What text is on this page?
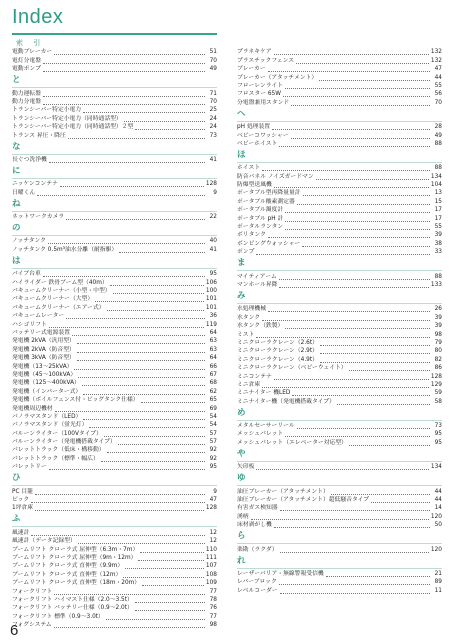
Index
索 引
電動ブレーカー	51
電灯分電盤	70
電動ポンプ	49
と
動力運転盤	71
動力分電盤	70
トランシーバー特定小電力	25
トランシーバー特定小電力（同時通話型）	24
トランシーバー特定小電力（同時通話型）２型	24
トランス 昇圧・降圧	73
な
長ぐつ洗浄機	41
に
ニッケンコンテナ	128
日曜くん	9
ね
ネットワークカメラ	22
の
ノッチタンク	40
ノッチタンク 0.5m³油水分離（耐指駆）	41
は
バイブ台車	95
ハイライダー 鉄骨ブーム型（40m）	106
バキュームクリーナー（小型・中型）	100
バキュームクリーナー（大型）	101
バキュームクリーナー（エアー式）	101
バキュームレーター	36
ハシゴリフト	119
バッテリー式電源装置	64
発電機 2kVA（汎用型）	63
発電機 2kVA（防音型）	63
発電機 3kVA（防音型）	64
発電機（13～25kVA）	66
発電機（45～100kVA）	67
発電機（125～400kVA）	68
発電機（インバーター式）	62
発電機（ボイルフェンス付・ビッグタンク仕様）	65
発電機周辺機材	69
パノラマスタンド（LED）	54
パノラマスタンド（蛍光灯）	54
バルーンライター（100Vタイプ）	57
バルーンライター（発電機搭載タイプ）	57
パレットトラック（低床・構移動）	92
パレットトラック（標準・幅広）	92
パレットリー	95
ひ
PC 目籠	9
ピック	47
1坪倉庫	128
ふ
風速計	12
風速計（データ記録型）	12
ブームリフト クローラ式 屈伸型（6.3m・7m）	110
ブームリフト クローラ式 屈伸型（9m・12m）	111
ブームリフト クローラ式 直伸型（9.9m）	107
ブームリフト クローラ式 直伸型（12m）	108
ブームリフト クローラ式 直伸型（18m・20m）	109
フォークリフト	77
フォークリフト ハイマスト仕様（2.0～3.5t）	78
フォークリフト バッテリー仕様（0.9～2.0t）	76
フォークリフト 標準（0.9～3.0t）	77
フォグシステム	98
プラネキケア	132
プラスチックフェンス	132
ブレーカー	47
ブレーカー（アタッチメント）	44
フローレンライト	55
フロスター 65W	56
分電盤兼用スタンド	70
へ
pH 処理装置	28
ベビーコワッシャー	49
ベビーホイスト	88
ほ
ホイスト	88
防音パネル ノイズガードマン	134
防爆型送風機	104
ポータブル型再降量量計	13
ポータブル酸素測定器	15
ポータブル濁度計	17
ポータブル pH 計	17
ポータルランタン	55
ボリタンク	39
ボンビングウォッシャー	38
ポンプ	33
ま
マイティアーム	88
マンホール昇降	133
み
水処理機械	26
水タンク	39
水タンク（鉄製）	39
ミスト	98
ミニクローラクレーン（2.6t）	79
ミニクローラクレーン（2.9t）	80
ミニクローラクレーン（4.9t）	82
ミニクローラクレーン（ベビーウェイト）	86
ミニコンテナ	128
ミニ倉庫	129
ミニナイター 機LED	59
ミニナイター機（発電機搭載タイプ）	58
め
メタルセーサーリール	73
メッシュパレット	95
メッシュパレット（エレベーター対応型）	95
や
矢印板	134
ゆ
油圧ブレーカー（アタッチメント）	44
油圧ブレーカー（アタッチメント）超低騒音タイプ	44
有害ガス検知器	14
湧柄	120
床材剥がし機	50
ら
楽勘（ラクダ）	120
れ
レーザーパリア・無線警報受信機	21
レバーブロック	89
レベルコーダー	11
6
